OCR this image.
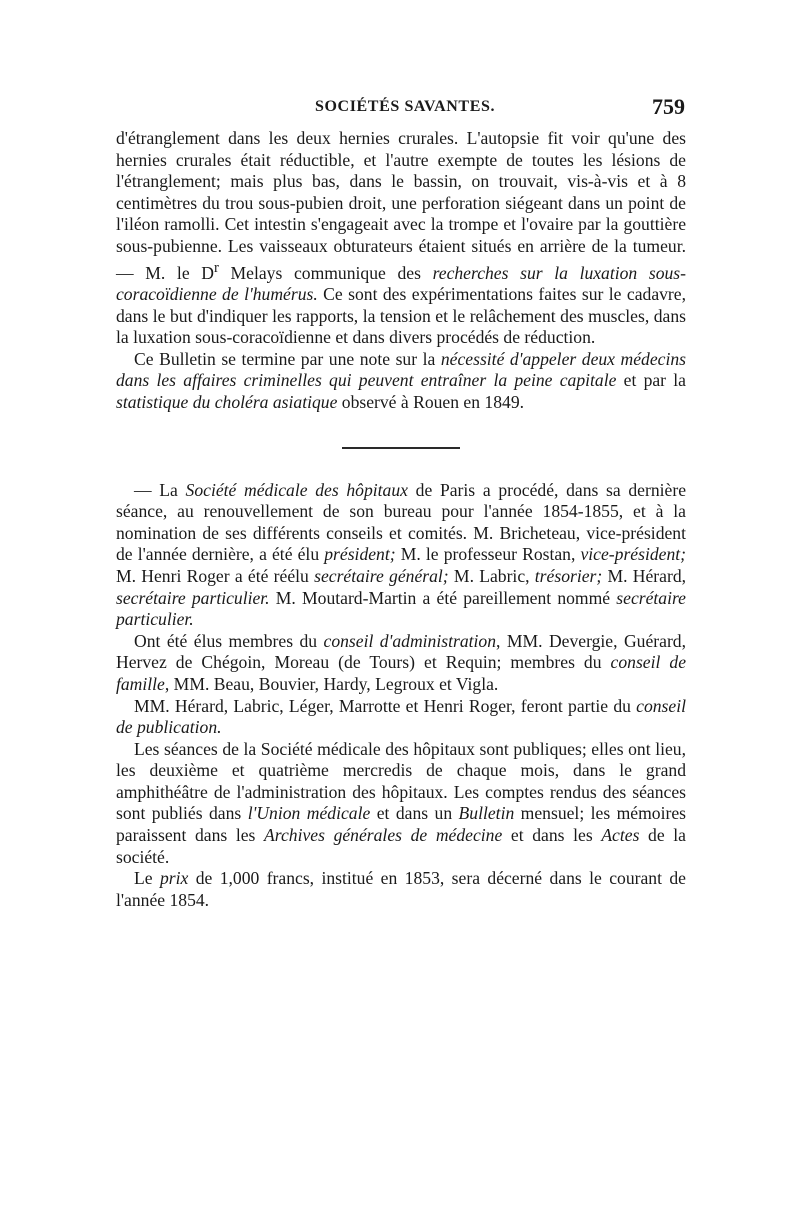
SOCIÉTÉS SAVANTES.	759

d'étranglement dans les deux hernies crurales. L'autopsie fit voir qu'une des hernies crurales était réductible, et l'autre exempte de toutes les lésions de l'étranglement; mais plus bas, dans le bassin, on trouvait, vis-à-vis et à 8 centimètres du trou sous-pubien droit, une perforation siégeant dans un point de l'iléon ramolli. Cet intestin s'engageait avec la trompe et l'ovaire par la gouttière sous-pubienne. Les vaisseaux obturateurs étaient situés en arrière de la tumeur. — M. le $D^r$ Melays communique des recherches sur la luxation sous-coracoïdienne de l'humérus. Ce sont des expérimentations faites sur le cadavre, dans le but d'indiquer les rapports, la tension et le relâchement des muscles, dans la luxation sous-coracoïdienne et dans divers procédés de réduction.

Ce Bulletin se termine par une note sur la nécessité d'appeler deux médecins dans les affaires criminelles qui peuvent entraîner la peine capitale et par la statistique du choléra asiatique observé à Rouen en 1849.

— La Société médicale des hôpitaux de Paris a procédé, dans sa dernière séance, au renouvellement de son bureau pour l'année 1854-1855, et à la nomination de ses différents conseils et comités. M. Bricheteau, vice-président de l'année dernière, a été élu président; M. le professeur Rostan, vice-président; M. Henri Roger a été réélu secrétaire général; M. Labric, trésorier; M. Hérard, secrétaire particulier. M. Moutard-Martin a été pareillement nommé secrétaire particulier.

Ont été élus membres du conseil d'administration, MM. Devergie, Guérard, Hervez de Chégoin, Moreau (de Tours) et Requin; membres du conseil de famille, MM. Beau, Bouvier, Hardy, Legroux et Vigla.

MM. Hérard, Labric, Léger, Marrotte et Henri Roger, feront partie du conseil de publication.

Les séances de la Société médicale des hôpitaux sont publiques; elles ont lieu, les deuxième et quatrième mercredis de chaque mois, dans le grand amphithéâtre de l'administration des hôpitaux. Les comptes rendus des séances sont publiés dans l'Union médicale et dans un Bulletin mensuel; les mémoires paraissent dans les Archives générales de médecine et dans les Actes de la société.

Le prix de 1,000 francs, institué en 1853, sera décerné dans le courant de l'année 1854.
